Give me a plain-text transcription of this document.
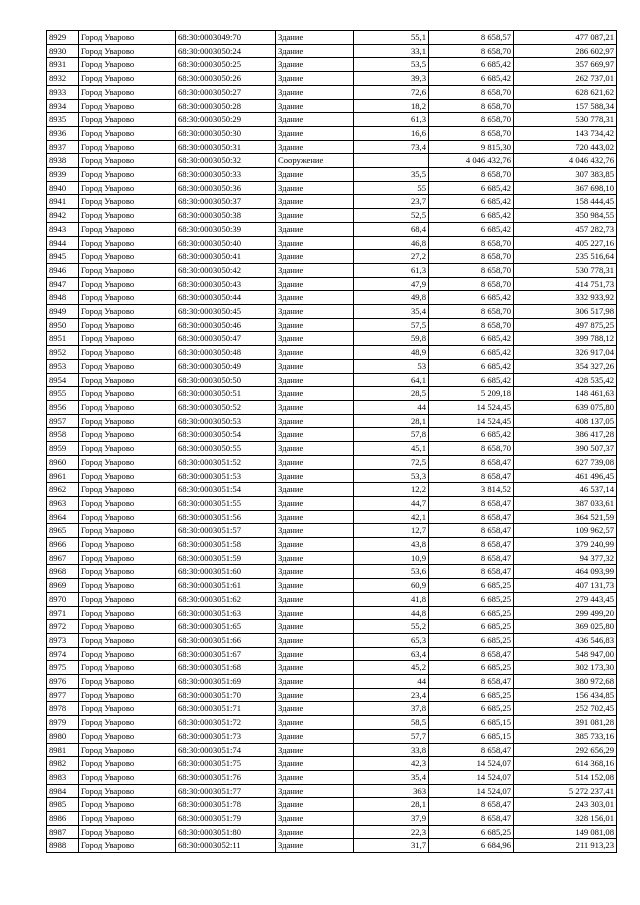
8929	Город Уварово	68:30:0003049:70	Здание	55,1	8 658,57	477 087,21
8930	Город Уварово	68:30:0003050:24	Здание	33,1	8 658,70	286 602,97
8931	Город Уварово	68:30:0003050:25	Здание	53,5	6 685,42	357 669,97
8932	Город Уварово	68:30:0003050:26	Здание	39,3	6 685,42	262 737,01
8933	Город Уварово	68:30:0003050:27	Здание	72,6	8 658,70	628 621,62
8934	Город Уварово	68:30:0003050:28	Здание	18,2	8 658,70	157 588,34
8935	Город Уварово	68:30:0003050:29	Здание	61,3	8 658,70	530 778,31
8936	Город Уварово	68:30:0003050:30	Здание	16,6	8 658,70	143 734,42
8937	Город Уварово	68:30:0003050:31	Здание	73,4	9 815,30	720 443,02
8938	Город Уварово	68:30:0003050:32	Сооружение		4 046 432,76	4 046 432,76
8939	Город Уварово	68:30:0003050:33	Здание	35,5	8 658,70	307 383,85
8940	Город Уварово	68:30:0003050:36	Здание	55	6 685,42	367 698,10
8941	Город Уварово	68:30:0003050:37	Здание	23,7	6 685,42	158 444,45
8942	Город Уварово	68:30:0003050:38	Здание	52,5	6 685,42	350 984,55
8943	Город Уварово	68:30:0003050:39	Здание	68,4	6 685,42	457 282,73
8944	Город Уварово	68:30:0003050:40	Здание	46,8	8 658,70	405 227,16
8945	Город Уварово	68:30:0003050:41	Здание	27,2	8 658,70	235 516,64
8946	Город Уварово	68:30:0003050:42	Здание	61,3	8 658,70	530 778,31
8947	Город Уварово	68:30:0003050:43	Здание	47,9	8 658,70	414 751,73
8948	Город Уварово	68:30:0003050:44	Здание	49,8	6 685,42	332 933,92
8949	Город Уварово	68:30:0003050:45	Здание	35,4	8 658,70	306 517,98
8950	Город Уварово	68:30:0003050:46	Здание	57,5	8 658,70	497 875,25
8951	Город Уварово	68:30:0003050:47	Здание	59,8	6 685,42	399 788,12
8952	Город Уварово	68:30:0003050:48	Здание	48,9	6 685,42	326 917,04
8953	Город Уварово	68:30:0003050:49	Здание	53	6 685,42	354 327,26
8954	Город Уварово	68:30:0003050:50	Здание	64,1	6 685,42	428 535,42
8955	Город Уварово	68:30:0003050:51	Здание	28,5	5 209,18	148 461,63
8956	Город Уварово	68:30:0003050:52	Здание	44	14 524,45	639 075,80
8957	Город Уварово	68:30:0003050:53	Здание	28,1	14 524,45	408 137,05
8958	Город Уварово	68:30:0003050:54	Здание	57,8	6 685,42	386 417,28
8959	Город Уварово	68:30:0003050:55	Здание	45,1	8 658,70	390 507,37
8960	Город Уварово	68:30:0003051:52	Здание	72,5	8 658,47	627 739,08
8961	Город Уварово	68:30:0003051:53	Здание	53,3	8 658,47	461 496,45
8962	Город Уварово	68:30:0003051:54	Здание	12,2	3 814,52	46 537,14
8963	Город Уварово	68:30:0003051:55	Здание	44,7	8 658,47	387 033,61
8964	Город Уварово	68:30:0003051:56	Здание	42,1	8 658,47	364 521,59
8965	Город Уварово	68:30:0003051:57	Здание	12,7	8 658,47	109 962,57
8966	Город Уварово	68:30:0003051:58	Здание	43,8	8 658,47	379 240,99
8967	Город Уварово	68:30:0003051:59	Здание	10,9	8 658,47	94 377,32
8968	Город Уварово	68:30:0003051:60	Здание	53,6	8 658,47	464 093,99
8969	Город Уварово	68:30:0003051:61	Здание	60,9	6 685,25	407 131,73
8970	Город Уварово	68:30:0003051:62	Здание	41,8	6 685,25	279 443,45
8971	Город Уварово	68:30:0003051:63	Здание	44,8	6 685,25	299 499,20
8972	Город Уварово	68:30:0003051:65	Здание	55,2	6 685,25	369 025,80
8973	Город Уварово	68:30:0003051:66	Здание	65,3	6 685,25	436 546,83
8974	Город Уварово	68:30:0003051:67	Здание	63,4	8 658,47	548 947,00
8975	Город Уварово	68:30:0003051:68	Здание	45,2	6 685,25	302 173,30
8976	Город Уварово	68:30:0003051:69	Здание	44	8 658,47	380 972,68
8977	Город Уварово	68:30:0003051:70	Здание	23,4	6 685,25	156 434,85
8978	Город Уварово	68:30:0003051:71	Здание	37,8	6 685,25	252 702,45
8979	Город Уварово	68:30:0003051:72	Здание	58,5	6 685,15	391 081,28
8980	Город Уварово	68:30:0003051:73	Здание	57,7	6 685,15	385 733,16
8981	Город Уварово	68:30:0003051:74	Здание	33,8	8 658,47	292 656,29
8982	Город Уварово	68:30:0003051:75	Здание	42,3	14 524,07	614 368,16
8983	Город Уварово	68:30:0003051:76	Здание	35,4	14 524,07	514 152,08
8984	Город Уварово	68:30:0003051:77	Здание	363	14 524,07	5 272 237,41
8985	Город Уварово	68:30:0003051:78	Здание	28,1	8 658,47	243 303,01
8986	Город Уварово	68:30:0003051:79	Здание	37,9	8 658,47	328 156,01
8987	Город Уварово	68:30:0003051:80	Здание	22,3	6 685,25	149 081,08
8988	Город Уварово	68:30:0003052:11	Здание	31,7	6 684,96	211 913,23
